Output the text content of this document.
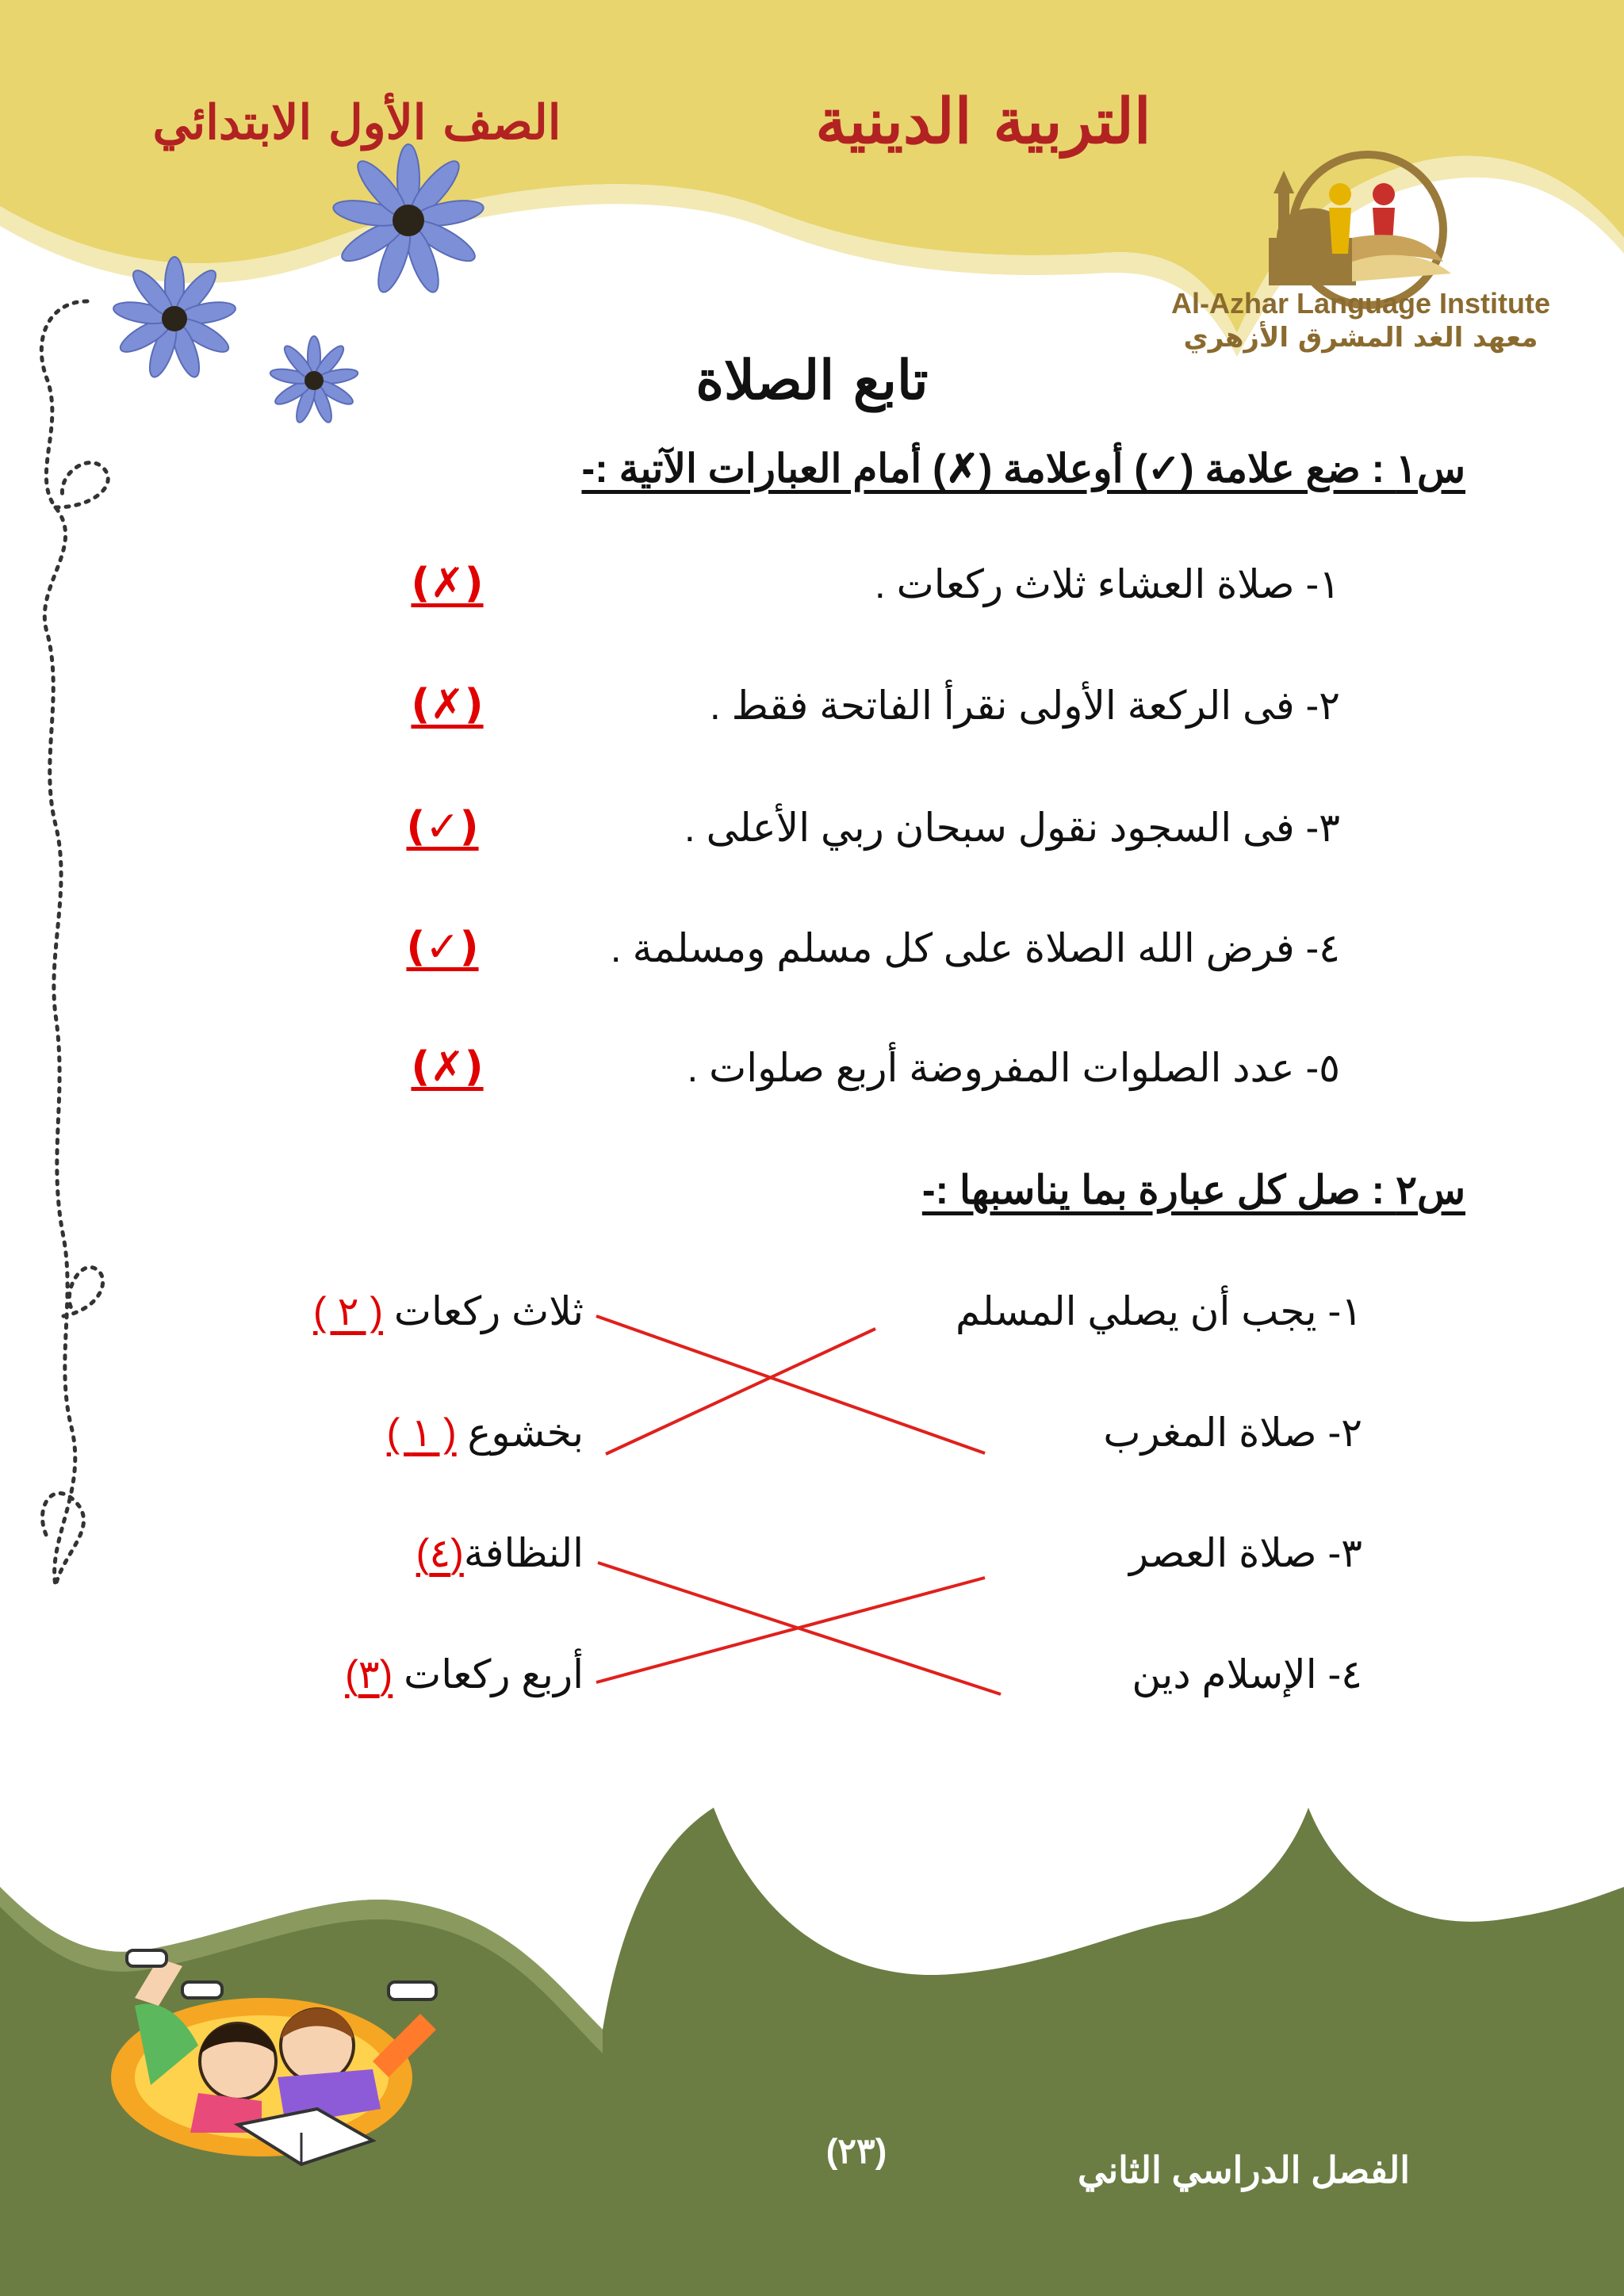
التربية الدينية
الصف الأول الابتدائي
Al-Azhar Language Institute
معهد الغد المشرق الأزهري
تابع الصلاة
س١ : ضع علامة (✓) أوعلامة (✗) أمام العبارات الآتية :-
١- صلاة العشاء ثلاث ركعات .
(✗)
٢- فى الركعة الأولى نقرأ الفاتحة فقط .
(✗)
٣- فى السجود نقول سبحان ربي الأعلى .
(✓)
٤- فرض الله الصلاة على كل مسلم ومسلمة .
(✓)
٥- عدد الصلوات المفروضة أربع صلوات .
(✗)
س٢ : صل كل عبارة بما يناسبها :-
١- يجب أن يصلي المسلم
٢- صلاة المغرب
٣- صلاة العصر
٤- الإسلام دين
ثلاث ركعات ( ٢ )
بخشوع ( ١ )
النظافة(٤)
أربع ركعات (٣)
(٢٣)	الفصل الدراسي الثاني
